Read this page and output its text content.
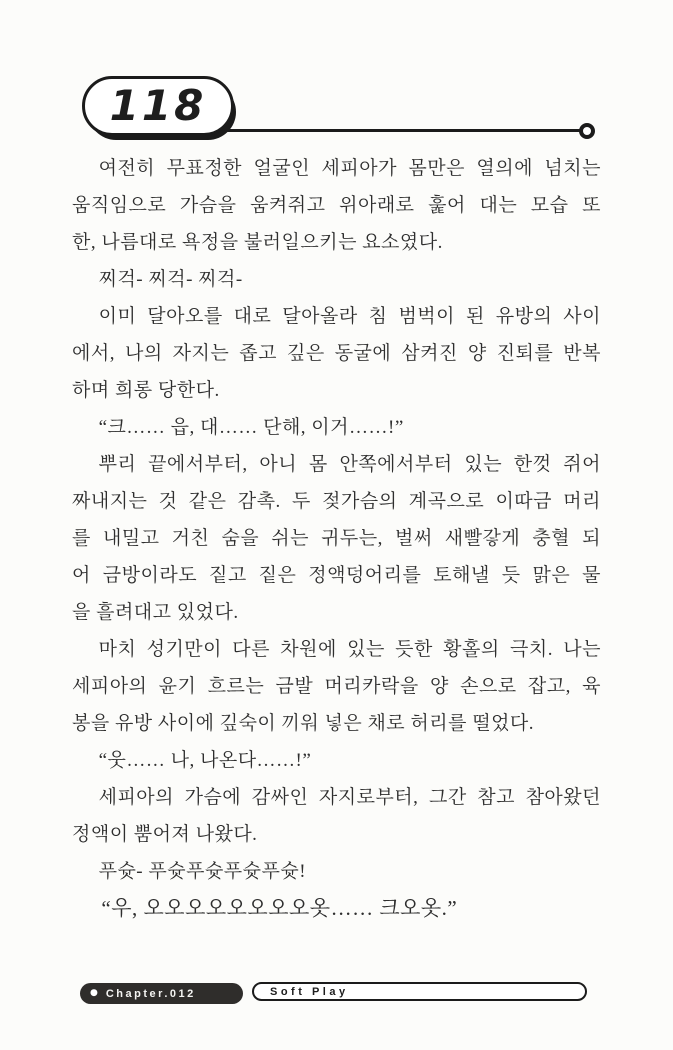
118
여전히 무표정한 얼굴인 세피아가 몸만은 열의에 넘치는
움직임으로 가슴을 움켜쥐고 위아래로 훑어 대는 모습 또
한, 나름대로 욕정을 불러일으키는 요소였다.
찌걱- 찌걱- 찌걱-
이미 달아오를 대로 달아올라 침 범벅이 된 유방의 사이
에서, 나의 자지는 좁고 깊은 동굴에 삼켜진 양 진퇴를 반복
하며 희롱 당한다.
“크…… 읍, 대…… 단해, 이거……!”
뿌리 끝에서부터, 아니 몸 안쪽에서부터 있는 한껏 쥐어
짜내지는 것 같은 감촉. 두 젖가슴의 계곡으로 이따금 머리
를 내밀고 거친 숨을 쉬는 귀두는, 벌써 새빨갛게 충혈 되
어 금방이라도 짙고 짙은 정액덩어리를 토해낼 듯 맑은 물
을 흘려대고 있었다.
마치 성기만이 다른 차원에 있는 듯한 황홀의 극치. 나는
세피아의 윤기 흐르는 금발 머리카락을 양 손으로 잡고, 육
봉을 유방 사이에 깊숙이 끼워 넣은 채로 허리를 떨었다.
“웃…… 나, 나온다……!”
세피아의 가슴에 감싸인 자지로부터, 그간 참고 참아왔던
정액이 뿜어져 나왔다.
푸슛- 푸슛푸슛푸슛푸슛!
“우, 오오오오오오오오옷…… 크오옷.”
● Chapter.012	Soft Play
